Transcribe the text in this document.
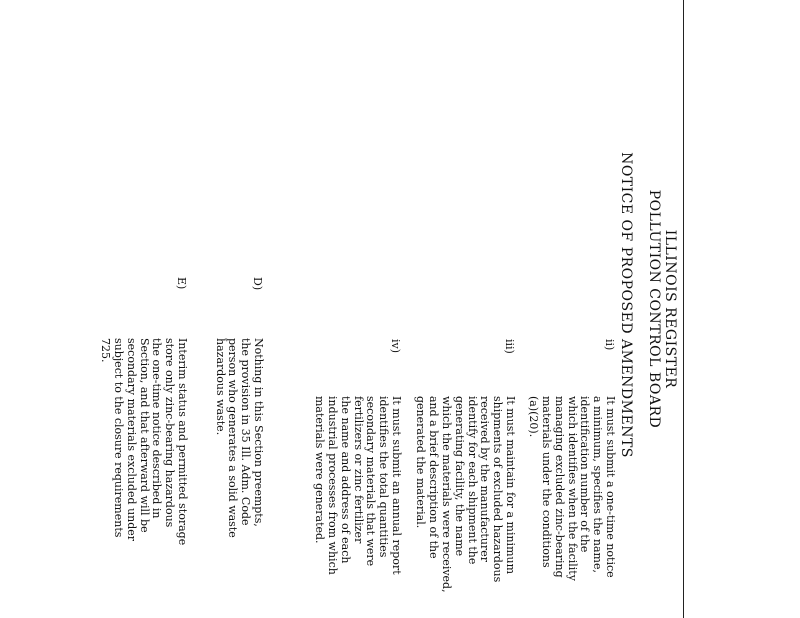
ILLINOIS REGISTER
POLLUTION CONTROL BOARD
NOTICE OF PROPOSED AMENDMENTS
ii)
It must submit a one-time notice
a minimum, specifies the name,
identification number of the
which identifies when the facility
managing excluded zinc-bearing
materials under the conditions
(a)(20).
iii)
It must maintain for a minimum
shipments of excluded hazardous
received by the manufacturer
identify for each shipment the
generating facility, the name
which the materials were received,
and a brief description of the
generated the material.
iv)
It must submit an annual report
identifies the total quantities
secondary materials that were
fertilizers or zinc fertilizer
the name and address of each
industrial processes from which
materials were generated.
D)
Nothing in this Section preempts,
the provision in 35 Ill. Adm. Code
person who generates a solid waste
hazardous waste.
E)
Interim status and permitted storage
store only zinc-bearing hazardous
the one-time notice described in
Section, and that afterward will be
secondary materials excluded under
subject to the closure requirements
725.
